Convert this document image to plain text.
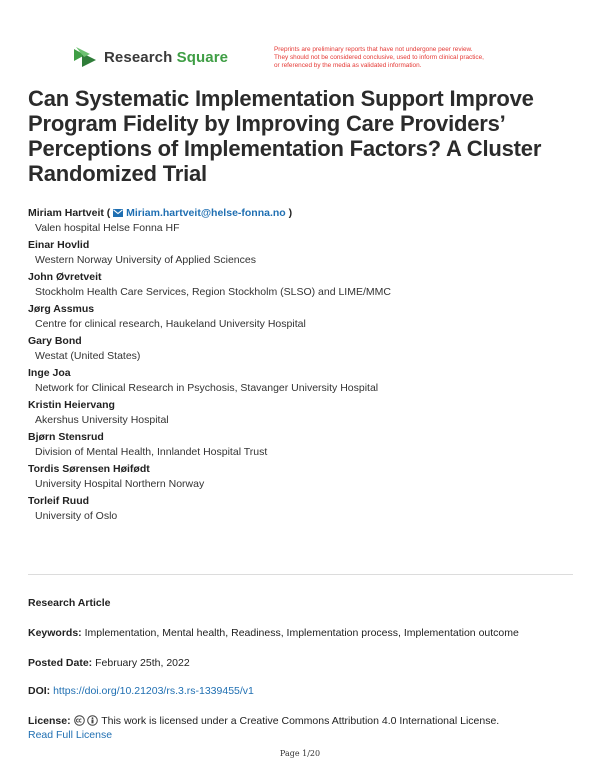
Research Square	Preprints are preliminary reports that have not undergone peer review.
They should not be considered conclusive, used to inform clinical practice,
or referenced by the media as validated information.
Can Systematic Implementation Support Improve Program Fidelity by Improving Care Providers’ Perceptions of Implementation Factors? A Cluster Randomized Trial
Miriam Hartveit (  Miriam.hartveit@helse-fonna.no )
Valen hospital Helse Fonna HF
Einar Hovlid
Western Norway University of Applied Sciences
John Øvretveit
Stockholm Health Care Services, Region Stockholm (SLSO) and LIME/MMC
Jørg Assmus
Centre for clinical research, Haukeland University Hospital
Gary Bond
Westat (United States)
Inge Joa
Network for Clinical Research in Psychosis, Stavanger University Hospital
Kristin Heiervang
Akershus University Hospital
Bjørn Stensrud
Division of Mental Health, Innlandet Hospital Trust
Tordis Sørensen Høifødt
University Hospital Northern Norway
Torleif Ruud
University of Oslo
Research Article
Keywords: Implementation, Mental health, Readiness, Implementation process, Implementation outcome
Posted Date: February 25th, 2022
DOI: https://doi.org/10.21203/rs.3.rs-1339455/v1
License:	This work is licensed under a Creative Commons Attribution 4.0 International License.
Read Full License
Page 1/20
